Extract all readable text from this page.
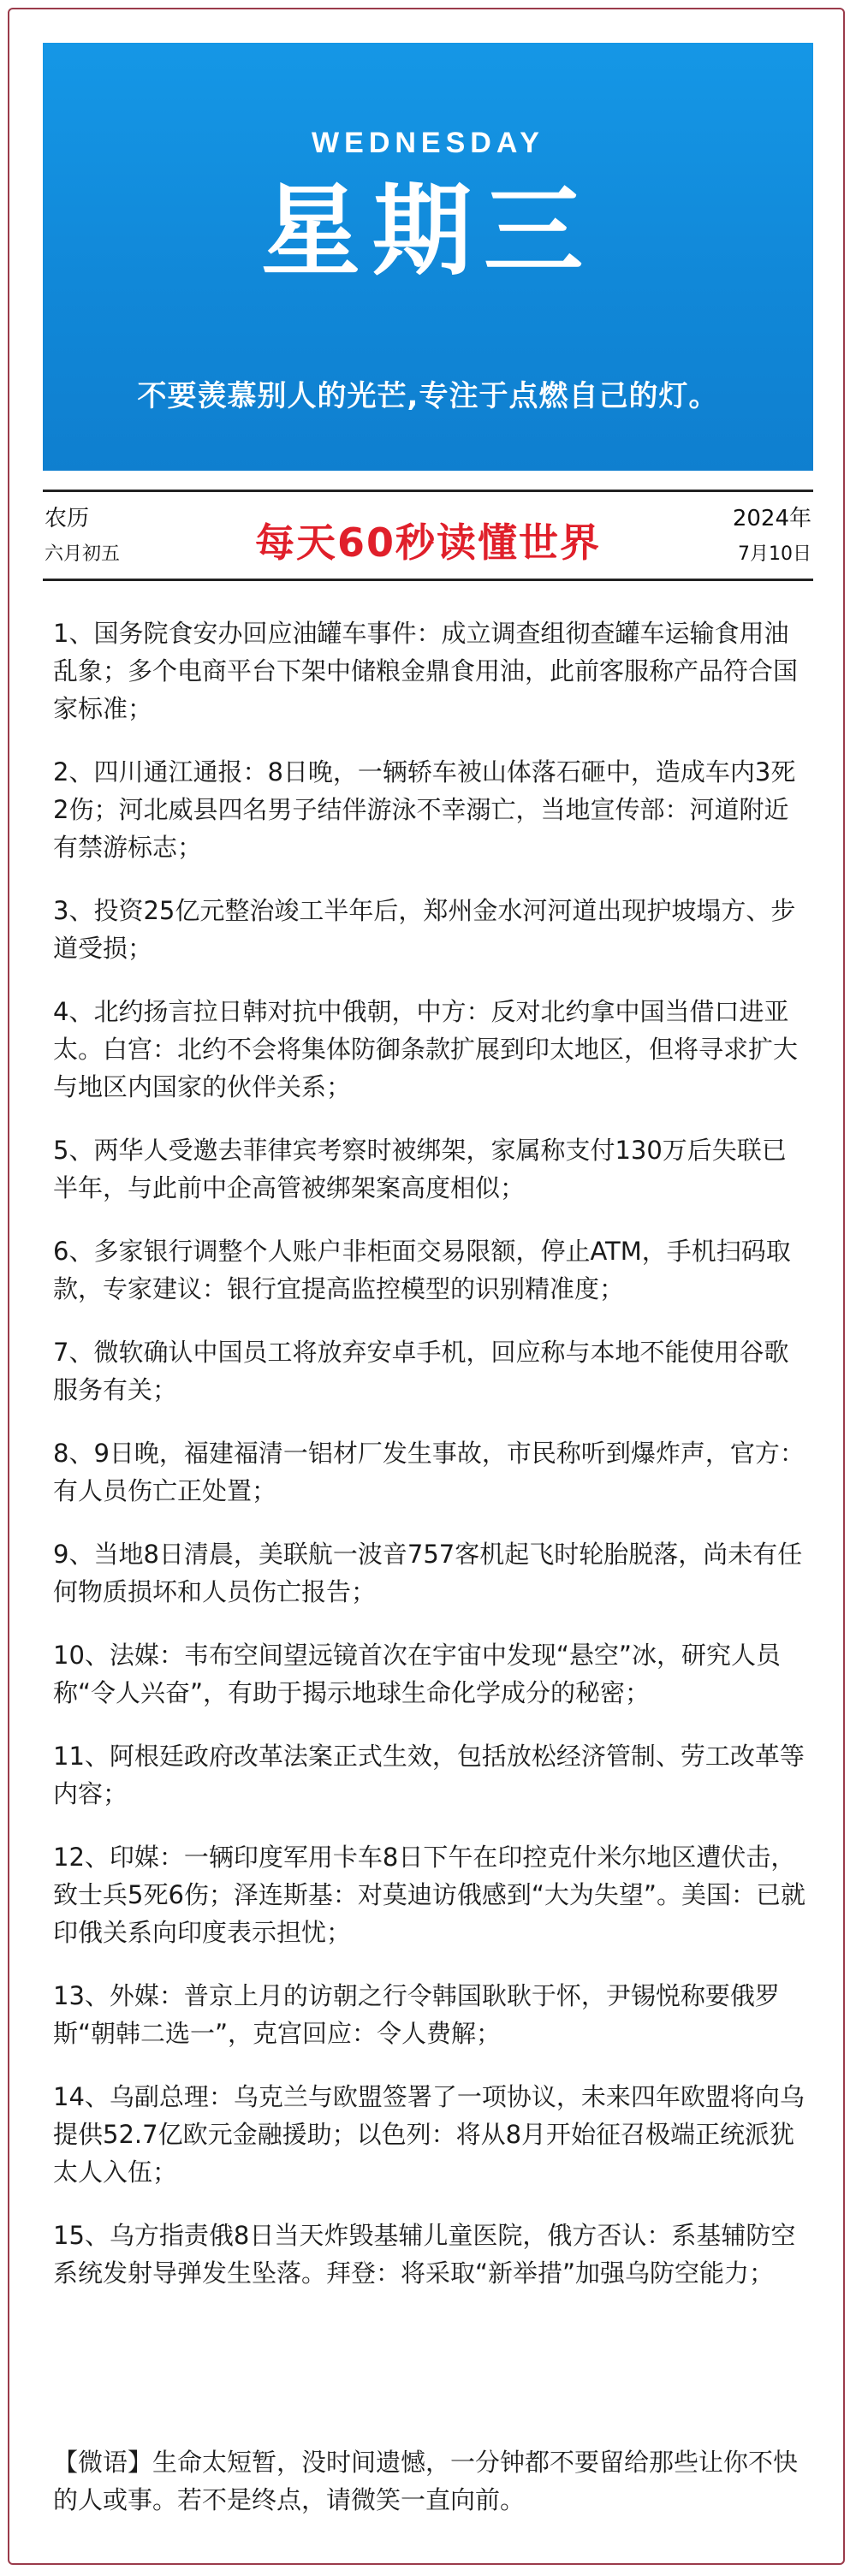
WEDNESDAY
星期三
不要羡慕别人的光芒,专注于点燃自己的灯。
农历
六月初五	每天60秒读懂世界
2024年
7月10日
1、国务院食安办回应油罐车事件：成立调查组彻查罐车运输食用油乱象；多个电商平台下架中储粮金鼎食用油，此前客服称产品符合国家标准；
2、四川通江通报：8日晚，一辆轿车被山体落石砸中，造成车内3死2伤；河北威县四名男子结伴游泳不幸溺亡，当地宣传部：河道附近有禁游标志；
3、投资25亿元整治竣工半年后，郑州金水河河道出现护坡塌方、步道受损；
4、北约扬言拉日韩对抗中俄朝，中方：反对北约拿中国当借口进亚太。白宫：北约不会将集体防御条款扩展到印太地区，但将寻求扩大与地区内国家的伙伴关系；
5、两华人受邀去菲律宾考察时被绑架，家属称支付130万后失联已半年，与此前中企高管被绑架案高度相似；
6、多家银行调整个人账户非柜面交易限额，停止ATM，手机扫码取款，专家建议：银行宜提高监控模型的识别精准度；
7、微软确认中国员工将放弃安卓手机，回应称与本地不能使用谷歌服务有关；
8、9日晚，福建福清一铝材厂发生事故，市民称听到爆炸声，官方：有人员伤亡正处置；
9、当地8日清晨，美联航一波音757客机起飞时轮胎脱落，尚未有任何物质损坏和人员伤亡报告；
10、法媒：韦布空间望远镜首次在宇宙中发现“悬空”冰，研究人员称“令人兴奋”，有助于揭示地球生命化学成分的秘密；
11、阿根廷政府改革法案正式生效，包括放松经济管制、劳工改革等内容；
12、印媒：一辆印度军用卡车8日下午在印控克什米尔地区遭伏击，致士兵5死6伤；泽连斯基：对莫迪访俄感到“大为失望”。美国：已就印俄关系向印度表示担忧；
13、外媒：普京上月的访朝之行令韩国耿耿于怀，尹锡悦称要俄罗斯“朝韩二选一”，克宫回应：令人费解；
14、乌副总理：乌克兰与欧盟签署了一项协议，未来四年欧盟将向乌提供52.7亿欧元金融援助；以色列：将从8月开始征召极端正统派犹太人入伍；
15、乌方指责俄8日当天炸毁基辅儿童医院，俄方否认：系基辅防空系统发射导弹发生坠落。拜登：将采取“新举措”加强乌防空能力；
【微语】生命太短暂，没时间遗憾，一分钟都不要留给那些让你不快的人或事。若不是终点，请微笑一直向前。
